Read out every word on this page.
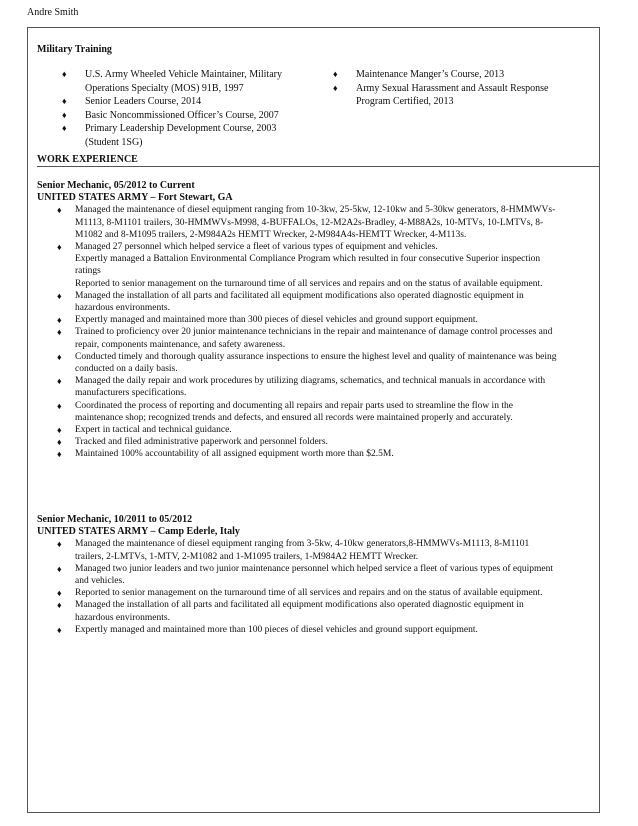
Andre Smith
Military Training
♦ U.S. Army Wheeled Vehicle Maintainer, Military Operations Specialty (MOS) 91B, 1997
♦ Senior Leaders Course, 2014
♦ Basic Noncommissioned Officer’s Course, 2007
♦ Primary Leadership Development Course, 2003 (Student 1SG)
♦ Maintenance Manger’s Course, 2013
♦ Army Sexual Harassment and Assault Response Program Certified, 2013
WORK EXPERIENCE
Senior Mechanic, 05/2012 to Current
UNITED STATES ARMY – Fort Stewart, GA
♦ Managed the maintenance of diesel equipment ranging from 10-3kw, 25-5kw, 12-10kw and 5-30kw generators, 8-HMMWVs-M1113, 8-M1101 trailers, 30-HMMWVs-M998, 4-BUFFALOs, 12-M2A2s-Bradley, 4-M88A2s, 10-MTVs, 10-LMTVs, 8-M1082 and 8-M1095 trailers, 2-M984A2s HEMTT Wrecker, 2-M984A4s-HEMTT Wrecker, 4-M113s.
♦ Managed 27 personnel which helped service a fleet of various types of equipment and vehicles.
Expertly managed a Battalion Environmental Compliance Program which resulted in four consecutive Superior inspection ratings
Reported to senior management on the turnaround time of all services and repairs and on the status of available equipment.
♦ Managed the installation of all parts and facilitated all equipment modifications also operated diagnostic equipment in hazardous environments.
♦ Expertly managed and maintained more than 300 pieces of diesel vehicles and ground support equipment.
♦ Trained to proficiency over 20 junior maintenance technicians in the repair and maintenance of damage control processes and repair, components maintenance, and safety awareness.
♦ Conducted timely and thorough quality assurance inspections to ensure the highest level and quality of maintenance was being conducted on a daily basis.
♦ Managed the daily repair and work procedures by utilizing diagrams, schematics, and technical manuals in accordance with manufacturers specifications.
♦ Coordinated the process of reporting and documenting all repairs and repair parts used to streamline the flow in the maintenance shop; recognized trends and defects, and ensured all records were maintained properly and accurately.
♦ Expert in tactical and technical guidance.
♦ Tracked and filed administrative paperwork and personnel folders.
♦ Maintained 100% accountability of all assigned equipment worth more than $2.5M.
Senior Mechanic, 10/2011 to 05/2012
UNITED STATES ARMY – Camp Ederle, Italy
♦ Managed the maintenance of diesel equipment ranging from 3-5kw, 4-10kw generators,8-HMMWVs-M1113, 8-M1101 trailers, 2-LMTVs, 1-MTV, 2-M1082 and 1-M1095 trailers, 1-M984A2 HEMTT Wrecker.
♦ Managed two junior leaders and two junior maintenance personnel which helped service a fleet of various types of equipment and vehicles.
♦ Reported to senior management on the turnaround time of all services and repairs and on the status of available equipment.
♦ Managed the installation of all parts and facilitated all equipment modifications also operated diagnostic equipment in hazardous environments.
♦ Expertly managed and maintained more than 100 pieces of diesel vehicles and ground support equipment.
